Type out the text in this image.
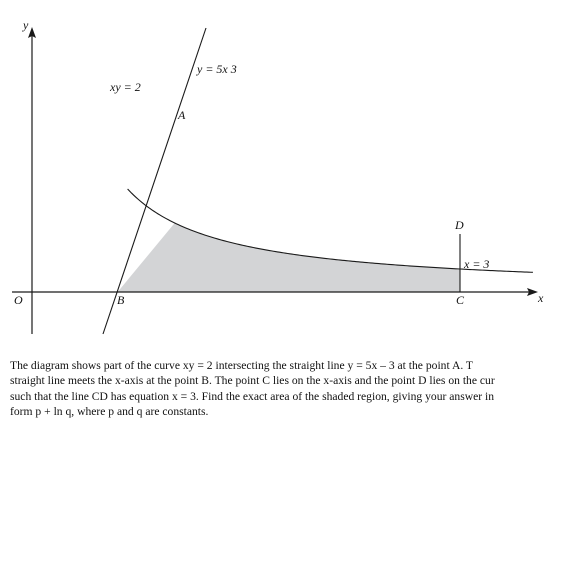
y
x
O
xy = 2
y = 5x 3
A
B	C
D
x = 3
The diagram shows part of the curve xy = 2 intersecting the straight line y = 5x – 3 at the point A. T
straight line meets the x-axis at the point B. The point C lies on the x-axis and the point D lies on the cur
such that the line CD has equation x = 3. Find the exact area of the shaded region, giving your answer in
form p + ln q, where p and q are constants.
